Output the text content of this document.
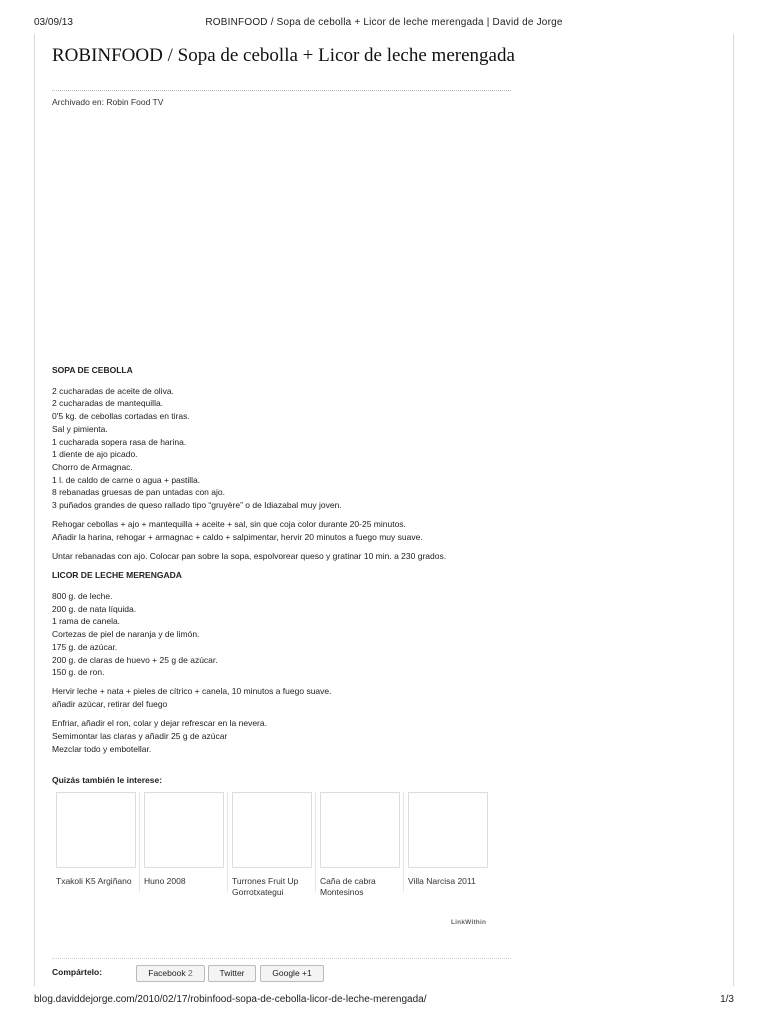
03/09/13	ROBINFOOD / Sopa de cebolla + Licor de leche merengada | David de Jorge
ROBINFOOD / Sopa de cebolla + Licor de leche merengada
Archivado en: Robin Food TV
SOPA DE CEBOLLA
2 cucharadas de aceite de oliva.
2 cucharadas de mantequilla.
0'5 kg. de cebollas cortadas en tiras.
Sal y pimienta.
1 cucharada sopera rasa de harina.
1 diente de ajo picado.
Chorro de Armagnac.
1 l. de caldo de carne o agua + pastilla.
8 rebanadas gruesas de pan untadas con ajo.
3 puñados grandes de queso rallado tipo “gruyère” o de Idiazabal muy joven.
Rehogar cebollas + ajo + mantequilla + aceite + sal, sin que coja color durante 20-25 minutos.
Añadir la harina, rehogar + armagnac + caldo + salpimentar, hervir 20 minutos a fuego muy suave.
Untar rebanadas con ajo. Colocar pan sobre la sopa, espolvorear queso y gratinar 10 min. a 230 grados.
LICOR DE LECHE MERENGADA
800 g. de leche.
200 g. de nata líquida.
1 rama de canela.
Cortezas de piel de naranja y de limón.
175 g. de azúcar.
200 g. de claras de huevo + 25 g de azúcar.
150 g. de ron.
Hervir leche + nata + pieles de cítrico + canela, 10 minutos a fuego suave.
añadir azúcar, retirar del fuego
Enfriar, añadir el ron, colar y dejar refrescar en la nevera.
Semimontar las claras y añadir 25 g de azúcar
Mezclar todo y embotellar.
Quizás también le interese:
Txakoli K5 Argiñano	Huno 2008	Turrones Fruit Up Gorrotxategui
Caña de cabra Montesinos
Villa Narcisa 2011
LinkWithin
Compártelo:	Facebook 2	Twitter	Google +1
blog.daviddejorge.com/2010/02/17/robinfood-sopa-de-cebolla-licor-de-leche-merengada/	1/3
